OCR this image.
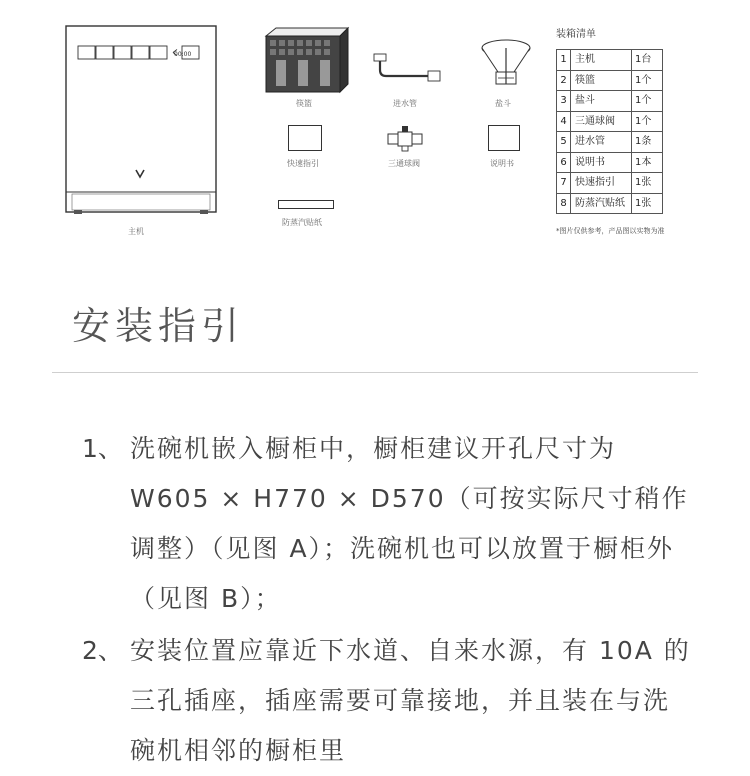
00:00
主机
筷篮	进水管	盐斗
快速指引	三通球阀	说明书
防蒸汽贴纸
装箱清单
1	主机	1台
2	筷篮	1个
3	盐斗	1个
4	三通球阀	1个
5	进水管	1条
6	说明书	1本
7	快速指引	1张
8	防蒸汽贴纸	1张
*图片仅供参考，产品图以实物为准
安装指引
1、 洗碗机嵌入橱柜中，橱柜建议开孔尺寸为W605 × H770 × D570（可按实际尺寸稍作调整）（见图 A）；洗碗机也可以放置于橱柜外（见图 B）；
2、 安装位置应靠近下水道、自来水源，有 10A 的三孔插座，插座需要可靠接地，并且装在与洗碗机相邻的橱柜里
